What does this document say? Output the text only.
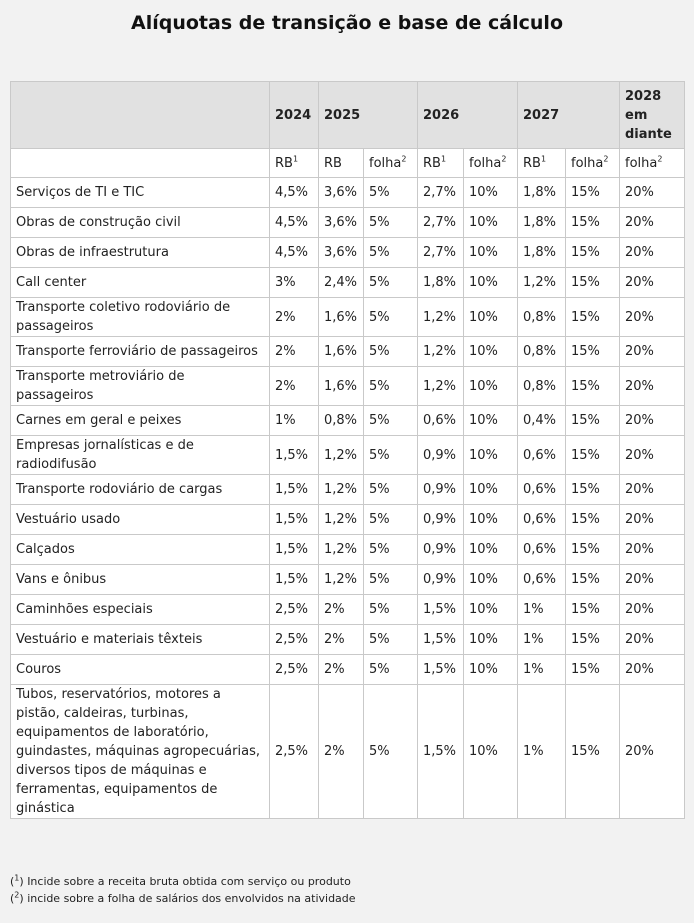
Alíquotas de transição e base de cálculo
	2024	2025		2026		2027		2028 em diante
	$RB^1$	RB	folha$^2$	$RB^1$	folha$^2$	$RB^1$	folha$^2$	folha$^2$
Serviços de TI e TIC	4,5%	3,6%	5%	2,7%	10%	1,8%	15%	20%
Obras de construção civil	4,5%	3,6%	5%	2,7%	10%	1,8%	15%	20%
Obras de infraestrutura	4,5%	3,6%	5%	2,7%	10%	1,8%	15%	20%
Call center	3%	2,4%	5%	1,8%	10%	1,2%	15%	20%
Transporte coletivo rodoviário de passageiros	2%	1,6%	5%	1,2%	10%	0,8%	15%	20%
Transporte ferroviário de passageiros	2%	1,6%	5%	1,2%	10%	0,8%	15%	20%
Transporte metroviário de passageiros	2%	1,6%	5%	1,2%	10%	0,8%	15%	20%
Carnes em geral e peixes	1%	0,8%	5%	0,6%	10%	0,4%	15%	20%
Empresas jornalísticas e de radiodifusão	1,5%	1,2%	5%	0,9%	10%	0,6%	15%	20%
Transporte rodoviário de cargas	1,5%	1,2%	5%	0,9%	10%	0,6%	15%	20%
Vestuário usado	1,5%	1,2%	5%	0,9%	10%	0,6%	15%	20%
Calçados	1,5%	1,2%	5%	0,9%	10%	0,6%	15%	20%
Vans e ônibus	1,5%	1,2%	5%	0,9%	10%	0,6%	15%	20%
Caminhões especiais	2,5%	2%	5%	1,5%	10%	1%	15%	20%
Vestuário e materiais têxteis	2,5%	2%	5%	1,5%	10%	1%	15%	20%
Couros	2,5%	2%	5%	1,5%	10%	1%	15%	20%
Tubos, reservatórios, motores a pistão, caldeiras, turbinas, equipamentos de laboratório, guindastes, máquinas agropecuárias, diversos tipos de máquinas e ferramentas, equipamentos de ginástica	2,5%	2%	5%	1,5%	10%	1%	15%	20%
($^1$) Incide sobre a receita bruta obtida com serviço ou produto
($^2$) incide sobre a folha de salários dos envolvidos na atividade
